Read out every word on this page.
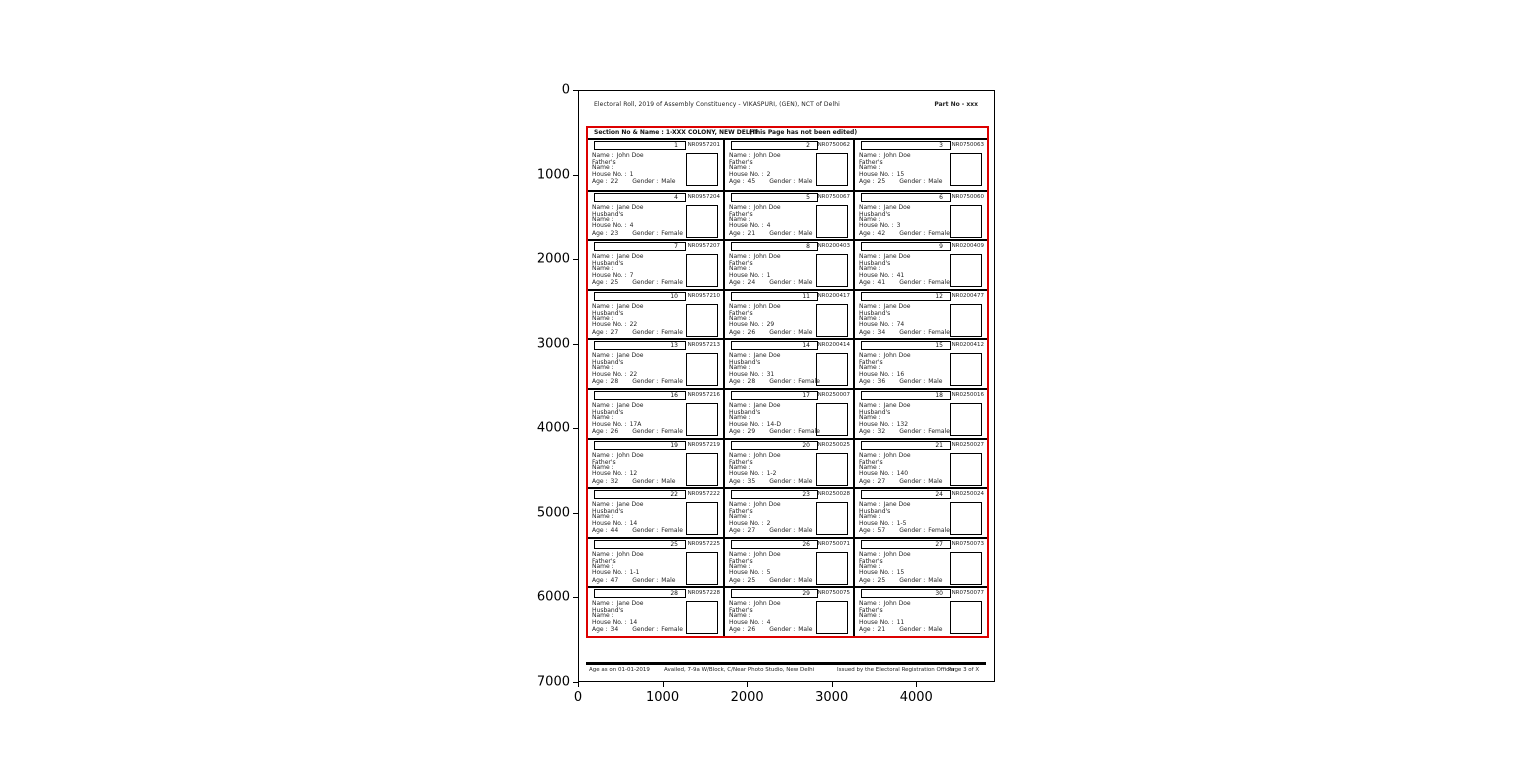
0
1000
2000
3000
4000
5000
6000
7000
0	1000	2000	3000	4000
Electoral Roll, 2019 of Assembly Constituency - VIKASPURI, (GEN), NCT of Delhi	Part No - xxx
Section No & Name : 1-XXX COLONY, NEW DELHI
(This Page has not been edited)
1	NR0957201
Name : John Doe
Father's
Name :
House No. : 1
Age : 22 Gender : Male
2	NR0750062
Name : John Doe
Father's
Name :
House No. : 2
Age : 45 Gender : Male
3	NR0750063
Name : John Doe
Father's
Name :
House No. : 15
Age : 25 Gender : Male
4	NR0957204
Name : Jane Doe
Husband's
Name :
House No. : 4
Age : 23 Gender : Female
5	NR0750067
Name : John Doe
Father's
Name :
House No. : 4
Age : 21 Gender : Male
6	NR0750060
Name : Jane Doe
Husband's
Name :
House No. : 3
Age : 42 Gender : Female
7	NR0957207
Name : Jane Doe
Husband's
Name :
House No. : 7
Age : 25 Gender : Female
8	NR0200403
Name : John Doe
Father's
Name :
House No. : 1
Age : 24 Gender : Male
9	NR0200409
Name : Jane Doe
Husband's
Name :
House No. : 41
Age : 41 Gender : Female
10	NR0957210
Name : Jane Doe
Husband's
Name :
House No. : 22
Age : 27 Gender : Female
11	NR0200417
Name : John Doe
Father's
Name :
House No. : 29
Age : 26 Gender : Male
12	NR0200477
Name : Jane Doe
Husband's
Name :
House No. : 74
Age : 34 Gender : Female
13	NR0957213
Name : Jane Doe
Husband's
Name :
House No. : 22
Age : 28 Gender : Female
14	NR0200414
Name : Jane Doe
Husband's
Name :
House No. : 31
Age : 28 Gender : Female
15	NR0200412
Name : John Doe
Father's
Name :
House No. : 16
Age : 36 Gender : Male
16	NR0957216
Name : Jane Doe
Husband's
Name :
House No. : 17A
Age : 26 Gender : Female
17	NR0250007
Name : Jane Doe
Husband's
Name :
House No. : 14-D
Age : 29 Gender : Female
18	NR0250016
Name : Jane Doe
Husband's
Name :
House No. : 132
Age : 32 Gender : Female
19	NR0957219
Name : John Doe
Father's
Name :
House No. : 12
Age : 32 Gender : Male
20	NR0250025
Name : John Doe
Father's
Name :
House No. : 1-2
Age : 35 Gender : Male
21	NR0250027
Name : John Doe
Father's
Name :
House No. : 140
Age : 27 Gender : Male
22	NR0957222
Name : Jane Doe
Husband's
Name :
House No. : 14
Age : 44 Gender : Female
23	NR0250028
Name : John Doe
Father's
Name :
House No. : 2
Age : 27 Gender : Male
24	NR0250024
Name : Jane Doe
Husband's
Name :
House No. : 1-5
Age : 57 Gender : Female
25	NR0957225
Name : John Doe
Father's
Name :
House No. : 1-1
Age : 47 Gender : Male
26	NR0750071
Name : John Doe
Father's
Name :
House No. : 5
Age : 25 Gender : Male
27	NR0750073
Name : John Doe
Father's
Name :
House No. : 15
Age : 25 Gender : Male
28	NR0957228
Name : Jane Doe
Husband's
Name :
House No. : 14
Age : 34 Gender : Female
29	NR0750075
Name : John Doe
Father's
Name :
House No. : 4
Age : 26 Gender : Male
30	NR0750077
Name : John Doe
Father's
Name :
House No. : 11
Age : 21 Gender : Male
Age as on 01-01-2019	Availed, 7-9a W/Block, C/Near Photo Studio, New Delhi	Issued by the Electoral Registration Officer
Page 3 of X
